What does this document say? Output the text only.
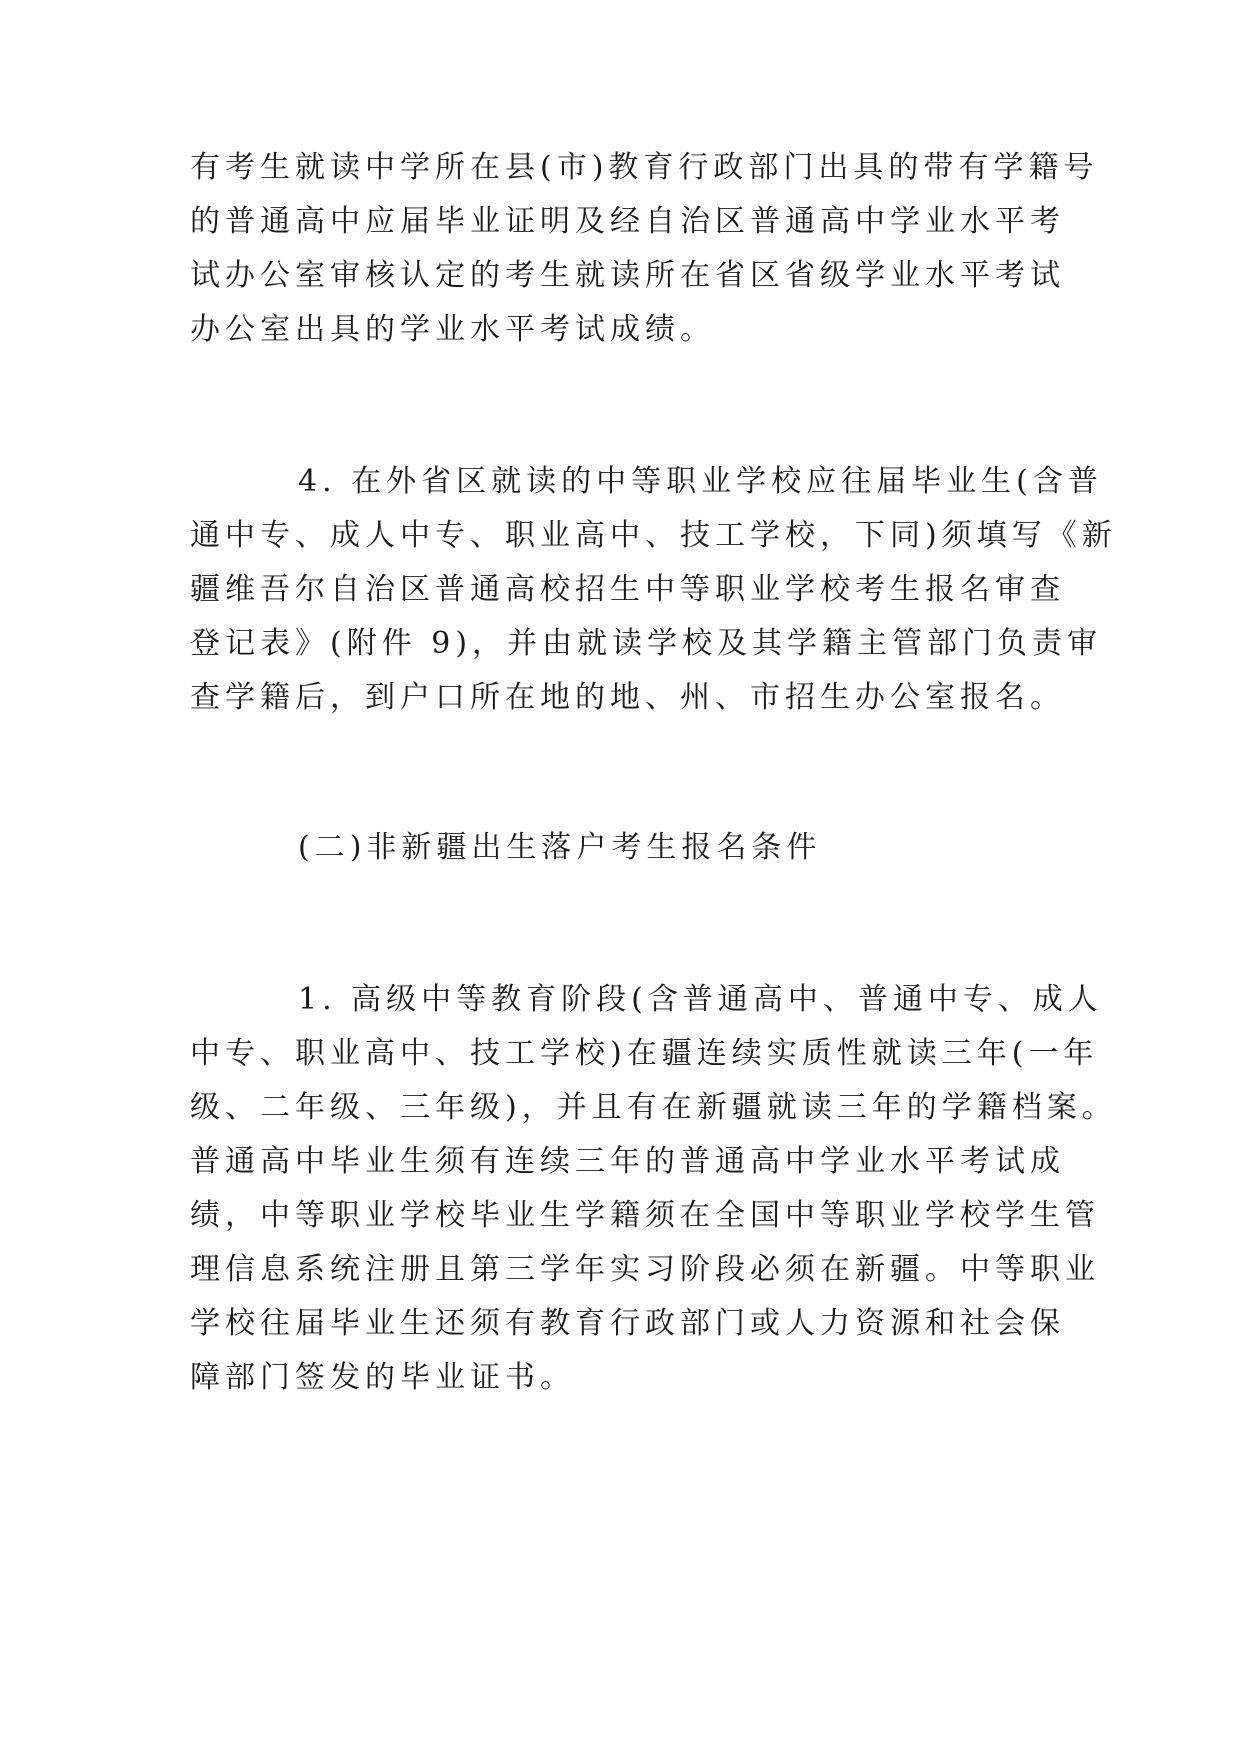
有考生就读中学所在县(市)教育行政部门出具的带有学籍号
的普通高中应届毕业证明及经自治区普通高中学业水平考
试办公室审核认定的考生就读所在省区省级学业水平考试
办公室出具的学业水平考试成绩。
4. 在外省区就读的中等职业学校应往届毕业生(含普
通中专、成人中专、职业高中、技工学校，下同)须填写《新
疆维吾尔自治区普通高校招生中等职业学校考生报名审查
登记表》(附件 9)，并由就读学校及其学籍主管部门负责审
查学籍后，到户口所在地的地、州、市招生办公室报名。
(二)非新疆出生落户考生报名条件
1. 高级中等教育阶段(含普通高中、普通中专、成人
中专、职业高中、技工学校)在疆连续实质性就读三年(一年
级、二年级、三年级)，并且有在新疆就读三年的学籍档案。
普通高中毕业生须有连续三年的普通高中学业水平考试成
绩，中等职业学校毕业生学籍须在全国中等职业学校学生管
理信息系统注册且第三学年实习阶段必须在新疆。中等职业
学校往届毕业生还须有教育行政部门或人力资源和社会保
障部门签发的毕业证书。
